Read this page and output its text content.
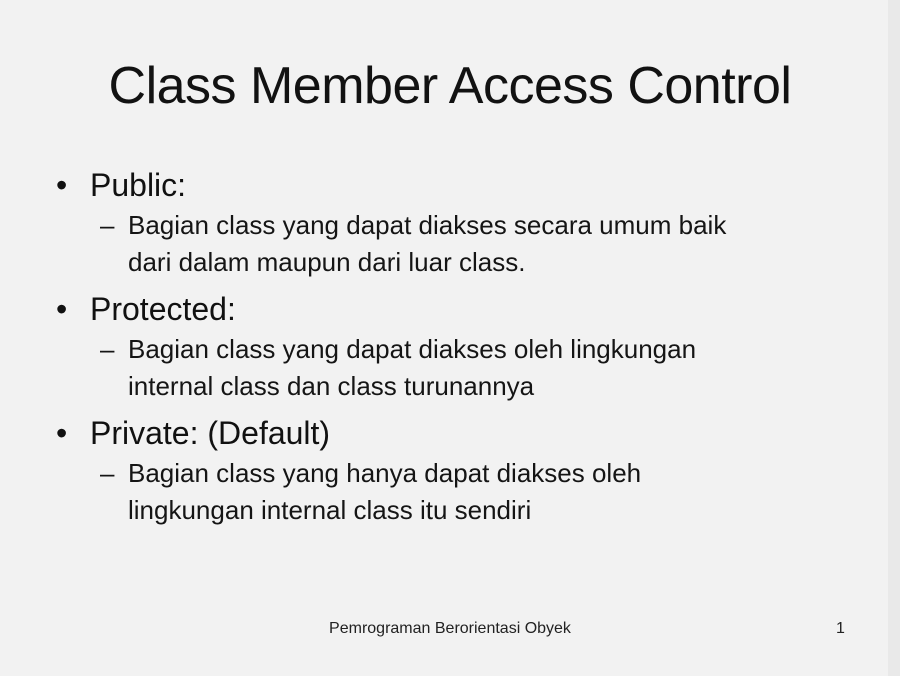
Class Member Access Control
• Public:
– Bagian class yang dapat diakses secara umum baik
dari dalam maupun dari luar class.
• Protected:
– Bagian class yang dapat diakses oleh lingkungan
internal class dan class turunannya
• Private: (Default)
– Bagian class yang hanya dapat diakses oleh
lingkungan internal class itu sendiri
Pemrograman Berorientasi Obyek	1
